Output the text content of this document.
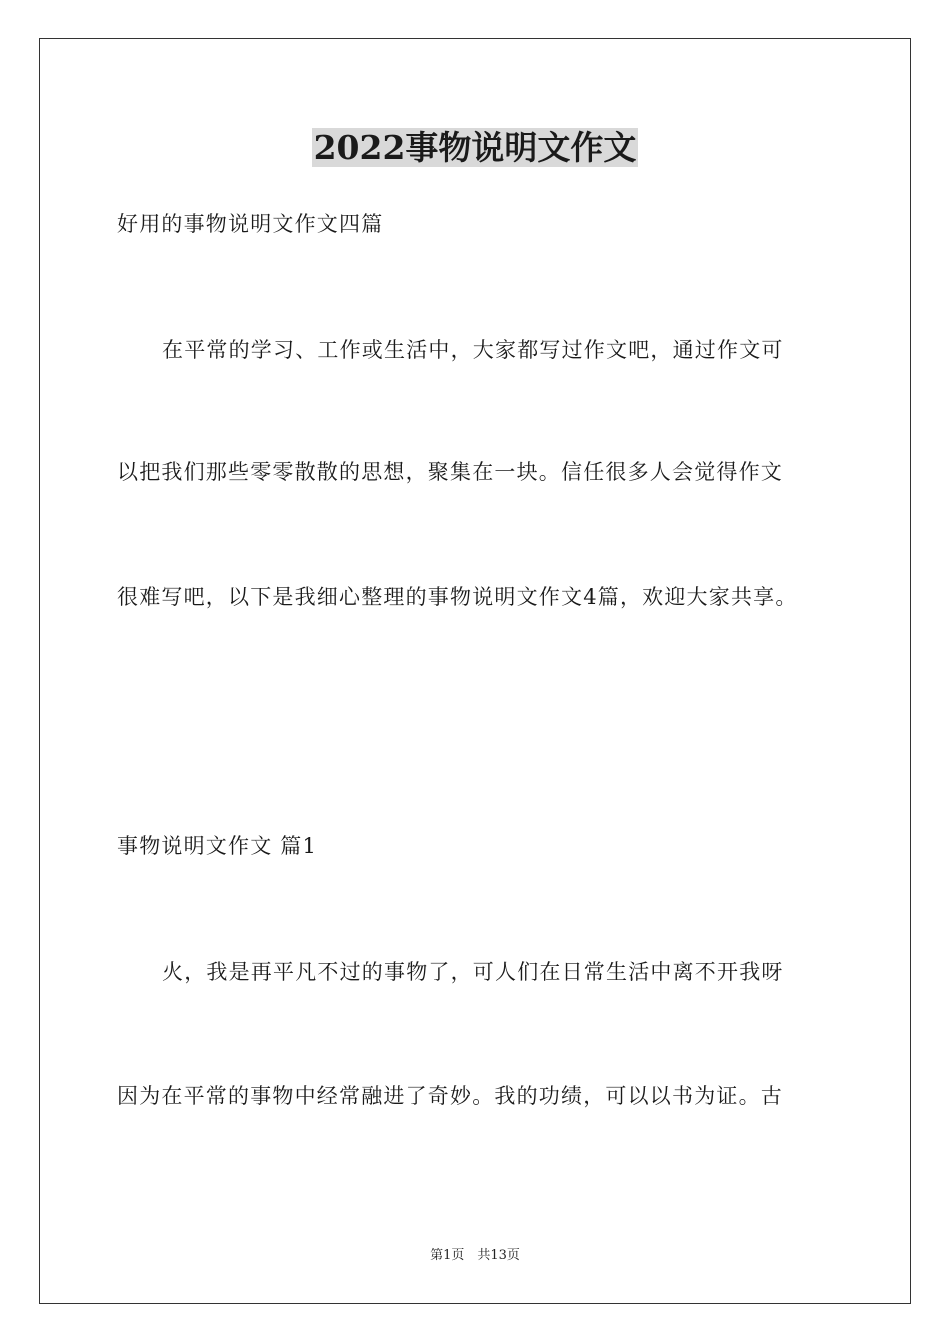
2022事物说明文作文
好用的事物说明文作文四篇
在平常的学习、工作或生活中，大家都写过作文吧，通过作文可
以把我们那些零零散散的思想，聚集在一块。信任很多人会觉得作文
很难写吧，以下是我细心整理的事物说明文作文4篇，欢迎大家共享。
事物说明文作文 篇1
火，我是再平凡不过的事物了，可人们在日常生活中离不开我呀
因为在平常的事物中经常融进了奇妙。我的功绩，可以以书为证。古
第1页　共13页
